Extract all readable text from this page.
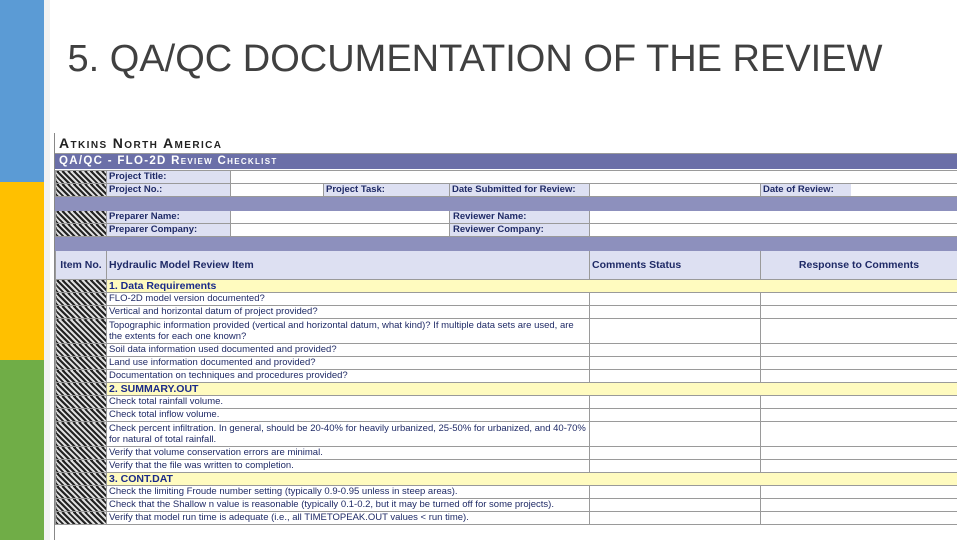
5. QA/QC DOCUMENTATION OF THE REVIEW
Atkins North America
QA/QC - FLO-2D Review Checklist
	Project Title:					
	Project No.:		Project Task:	Date Submitted for Review:		Date of Review:

	Preparer Name:	Reviewer Name:				

	Preparer Company:	Reviewer Company:				

Item No.	Hydraulic Model Review Item				Comments Status	Response to Comments
	1. Data Requirements					
	FLO-2D model version documented?					
	Vertical and horizontal datum of project provided?					
	Topographic information provided (vertical and horizontal datum, what kind)? If multiple data sets are used, are the extents for each one known?					
	Soil data information used documented and provided?					
	Land use information documented and provided?					
	Documentation on techniques and procedures provided?					
	2. SUMMARY.OUT					
	Check total rainfall volume.					
	Check total inflow volume.					
	Check percent infiltration. In general, should be 20-40% for heavily urbanized, 25-50% for urbanized, and 40-70% for natural of total rainfall.					
	Verify that volume conservation errors are minimal.					
	Verify that the file was written to completion.					
	3. CONT.DAT					
	Check the limiting Froude number setting (typically 0.9-0.95 unless in steep areas).					
	Check that the Shallow n value is reasonable (typically 0.1-0.2, but it may be turned off for some projects).					
	Verify that model run time is adequate (i.e., all TIMETOPEAK.OUT values < run time).					
